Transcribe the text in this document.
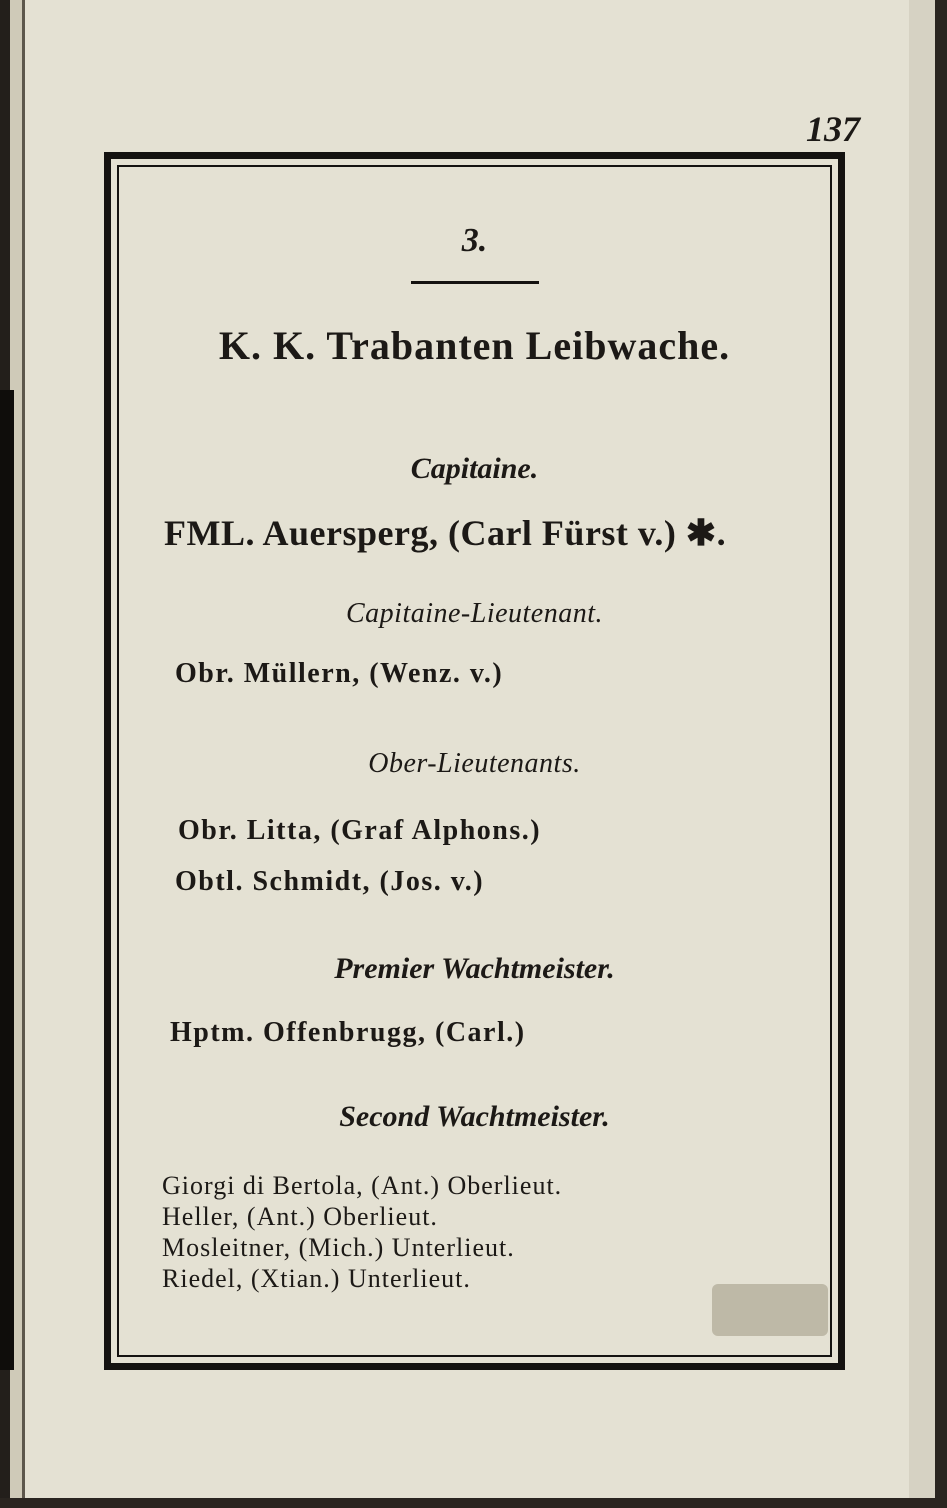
137
3.
K. K. Trabanten Leibwache.
Capitaine.
FML. Auersperg, (Carl Fürst v.) ✱.
Capitaine-Lieutenant.
Obr. Müllern, (Wenz. v.)
Ober-Lieutenants.
Obr. Litta, (Graf Alphons.)
Obtl. Schmidt, (Jos. v.)
Premier Wachtmeister.
Hptm. Offenbrugg, (Carl.)
Second Wachtmeister.
Giorgi di Bertola, (Ant.) Oberlieut.
Heller, (Ant.) Oberlieut.
Mosleitner, (Mich.) Unterlieut.
Riedel, (Xtian.) Unterlieut.
